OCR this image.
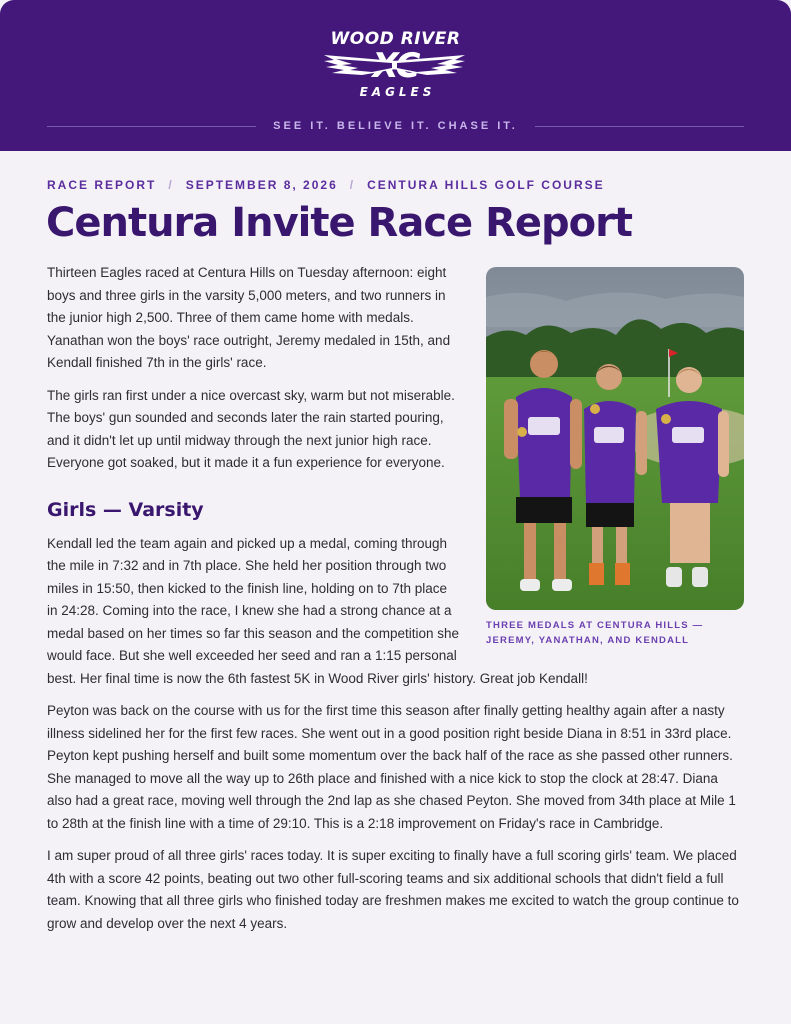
WOOD RIVER
EAGLES
SEE IT. BELIEVE IT. CHASE IT.
RACE REPORT / SEPTEMBER 8, 2026 / CENTURA HILLS GOLF COURSE
Centura Invite Race Report
THREE MEDALS AT CENTURA HILLS — JEREMY, YANATHAN, AND KENDALL

Thirteen Eagles raced at Centura Hills on Tuesday afternoon: eight boys and three girls in the varsity 5,000 meters, and two runners in the junior high 2,500. Three of them came home with medals. Yanathan won the boys' race outright, Jeremy medaled in 15th, and Kendall finished 7th in the girls' race.

The girls ran first under a nice overcast sky, warm but not miserable. The boys' gun sounded and seconds later the rain started pouring, and it didn't let up until midway through the next junior high race. Everyone got soaked, but it made it a fun experience for everyone.

Girls — Varsity

Kendall led the team again and picked up a medal, coming through the mile in 7:32 and in 7th place. She held her position through two miles in 15:50, then kicked to the finish line, holding on to 7th place in 24:28. Coming into the race, I knew she had a strong chance at a medal based on her times so far this season and the competition she would face. But she well exceeded her seed and ran a 1:15 personal best. Her final time is now the 6th fastest 5K in Wood River girls' history. Great job Kendall!

Peyton was back on the course with us for the first time this season after finally getting healthy again after a nasty illness sidelined her for the first few races. She went out in a good position right beside Diana in 8:51 in 33rd place. Peyton kept pushing herself and built some momentum over the back half of the race as she passed other runners. She managed to move all the way up to 26th place and finished with a nice kick to stop the clock at 28:47. Diana also had a great race, moving well through the 2nd lap as she chased Peyton. She moved from 34th place at Mile 1 to 28th at the finish line with a time of 29:10. This is a 2:18 improvement on Friday's race in Cambridge.

I am super proud of all three girls' races today. It is super exciting to finally have a full scoring girls' team. We placed 4th with a score 42 points, beating out two other full-scoring teams and six additional schools that didn't field a full team. Knowing that all three girls who finished today are freshmen makes me excited to watch the group continue to grow and develop over the next 4 years.
